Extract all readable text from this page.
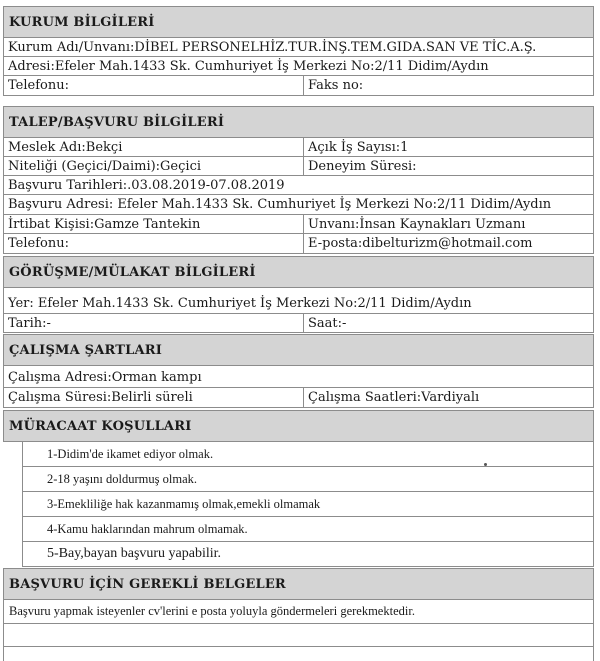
KURUM BİLGİLERİ
Kurum Adı/Unvanı:DİBEL PERSONELHİZ.TUR.İNŞ.TEM.GIDA.SAN VE TİC.A.Ş.
Adresi:Efeler Mah.1433 Sk. Cumhuriyet İş Merkezi No:2/11 Didim/Aydın
Telefonu:	Faks no:
TALEP/BAŞVURU BİLGİLERİ
Meslek Adı:Bekçi	Açık İş Sayısı:1
Niteliği (Geçici/Daimi):Geçici	Deneyim Süresi:
Başvuru Tarihleri:.03.08.2019-07.08.2019
Başvuru Adresi: Efeler Mah.1433 Sk. Cumhuriyet İş Merkezi No:2/11 Didim/Aydın
İrtibat Kişisi:Gamze Tantekin	Unvanı:İnsan Kaynakları Uzmanı
Telefonu:	E-posta:dibelturizm@hotmail.com
GÖRÜŞME/MÜLAKAT BİLGİLERİ
Yer: Efeler Mah.1433 Sk. Cumhuriyet İş Merkezi No:2/11 Didim/Aydın
Tarih:-	Saat:-
ÇALIŞMA ŞARTLARI
Çalışma Adresi:Orman kampı
Çalışma Süresi:Belirli süreli	Çalışma Saatleri:Vardiyalı
MÜRACAAT KOŞULLARI
1-Didim'de ikamet ediyor olmak.
2-18 yaşını doldurmuş olmak.
3-Emekliliğe hak kazanmamış olmak,emekli olmamak
4-Kamu haklarından mahrum olmamak.
5-Bay,bayan başvuru yapabilir.
BAŞVURU İÇİN GEREKLİ BELGELER
Başvuru yapmak isteyenler cv'lerini e posta yoluyla göndermeleri gerekmektedir.
